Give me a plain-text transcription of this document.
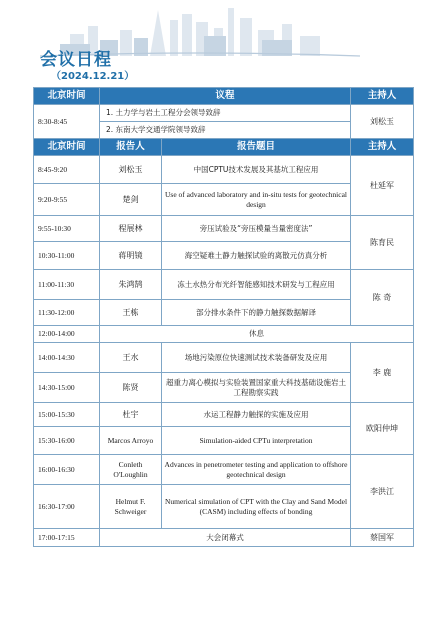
会议日程
（2024.12.21）
北京时间	议程		主持人
8:30-8:45	1. 土力学与岩土工程分会领导致辞		刘松玉
	2. 东南大学交通学院领导致辞		
北京时间	报告人	报告题目	主持人
8:45-9:20	刘松玉	中国CPTU技术发展及其基坑工程应用	杜延军
9:20-9:55	楚剑	Use of advanced laboratory and in-situ tests for geotechnical design	
9:55-10:30	程展林	旁压试验及“旁压模量当量密度法”	陈育民
10:30-11:00	蒋明镜	海空疑难土静力触探试验的离散元仿真分析	
11:00-11:30	朱鸿鹄	冻土水热分布光纤智能感知技术研发与工程应用	陈 奇
11:30-12:00	王栋	部分排水条件下的静力触探数据解译	
12:00-14:00	休息		
14:00-14:30	王水	场地污染原位快速测试技术装备研发及应用	李 鹿
14:30-15:00	陈贤	超重力离心模拟与实验装置国家重大科技基础设施岩土工程勘察实践	
15:00-15:30	杜宇	水运工程静力触探的实施及应用	欧阳仲坤
15:30-16:00	Marcos Arroyo	Simulation-aided CPTu interpretation	
16:00-16:30	Conleth O'Loughlin	Advances in penetrometer testing and application to offshore geotechnical design	李洪江
16:30-17:00	Helmut F. Schweiger	Numerical simulation of CPT with the Clay and Sand Model (CASM) including effects of bonding	
17:00-17:15	大会闭幕式		蔡国军
